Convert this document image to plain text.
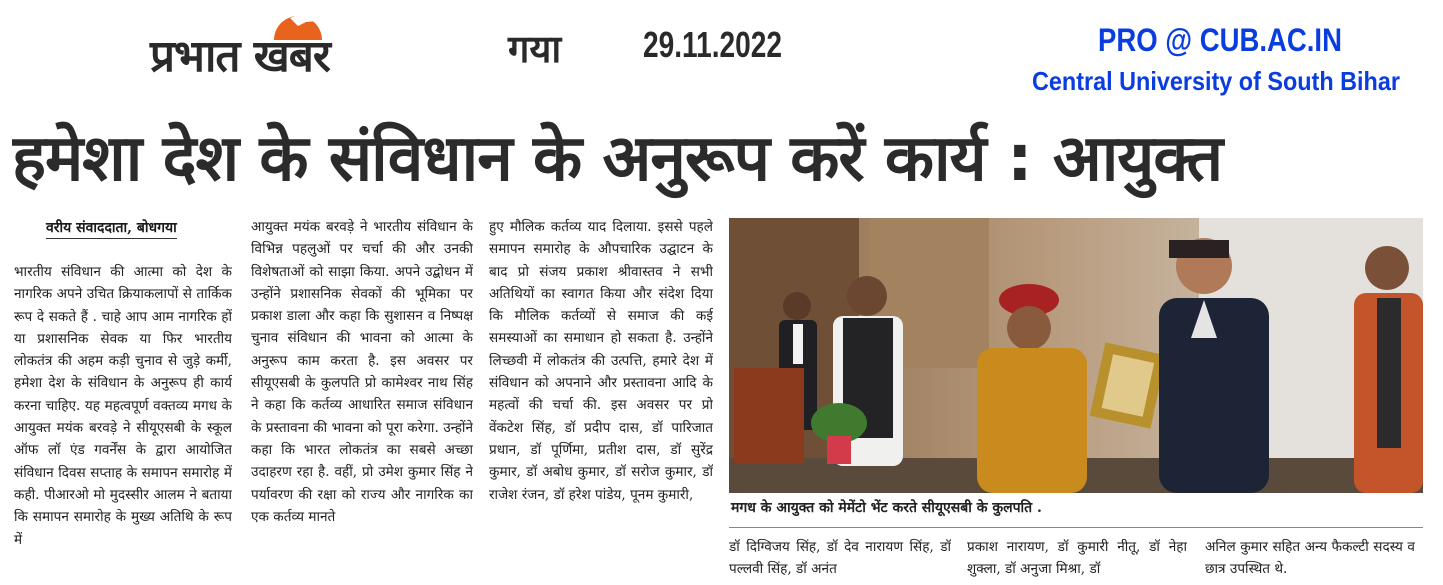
प्रभात खबर	गया 29.11.2022	PRO @ CUB.AC.IN
Central University of South Bihar
हमेशा देश के संविधान के अनुरूप करें कार्य : आयुक्त
वरीय संवाददाता, बोधगया
भारतीय संविधान की आत्मा को देश के नागरिक अपने उचित क्रियाकलापों से तार्किक रूप दे सकते हैं . चाहे आप आम नागरिक हों या प्रशासनिक सेवक या फिर भारतीय लोकतंत्र की अहम कड़ी चुनाव से जुड़े कर्मी, हमेशा देश के संविधान के अनुरूप ही कार्य करना चाहिए. यह महत्वपूर्ण वक्तव्य मगध के आयुक्त मयंक बरवड़े ने सीयूएसबी के स्कूल ऑफ लॉ एंड गवर्नेंस के द्वारा आयोजित संविधान दिवस सप्ताह के समापन समारोह में कही. पीआरओ मो मुदस्सीर आलम ने बताया कि समापन समारोह के मुख्य अतिथि के रूप में
आयुक्त मयंक बरवड़े ने भारतीय संविधान के विभिन्न पहलुओं पर चर्चा की और उनकी विशेषताओं को साझा किया. अपने उद्बोधन में उन्होंने प्रशासनिक सेवकों की भूमिका पर प्रकाश डाला और कहा कि सुशासन व निष्पक्ष चुनाव संविधान की भावना को आत्मा के अनुरूप काम करता है. इस अवसर पर सीयूएसबी के कुलपति प्रो कामेश्वर नाथ सिंह ने कहा कि कर्तव्य आधारित समाज संविधान के प्रस्तावना की भावना को पूरा करेगा. उन्होंने कहा कि भारत लोकतंत्र का सबसे अच्छा उदाहरण रहा है. वहीं, प्रो उमेश कुमार सिंह ने पर्यावरण की रक्षा को राज्य और नागरिक का एक कर्तव्य मानते
हुए मौलिक कर्तव्य याद दिलाया. इससे पहले समापन समारोह के औपचारिक उद्घाटन के बाद प्रो संजय प्रकाश श्रीवास्तव ने सभी अतिथियों का स्वागत किया और संदेश दिया कि मौलिक कर्तव्यों से समाज की कई समस्याओं का समाधान हो सकता है. उन्होंने लिच्छवी में लोकतंत्र की उत्पत्ति, हमारे देश में संविधान को अपनाने और प्रस्तावना आदि के महत्वों की चर्चा की. इस अवसर पर प्रो वेंकटेश सिंह, डॉ प्रदीप दास, डॉ पारिजात प्रधान, डॉ पूर्णिमा, प्रतीश दास, डॉ सुरेंद्र कुमार, डॉ अबोध कुमार, डॉ सरोज कुमार, डॉ राजेश रंजन, डॉ हरेश पांडेय, पूनम कुमारी,
मगध के आयुक्त को मेमेंटो भेंट करते सीयूएसबी के कुलपति .
डॉ दिग्विजय सिंह, डॉ देव नारायण सिंह, डॉ पल्लवी सिंह, डॉ अनंत
प्रकाश नारायण, डॉ कुमारी नीतू, डॉ नेहा शुक्ला, डॉ अनुजा मिश्रा, डॉ
अनिल कुमार सहित अन्य फैकल्टी सदस्य व छात्र उपस्थित थे.
